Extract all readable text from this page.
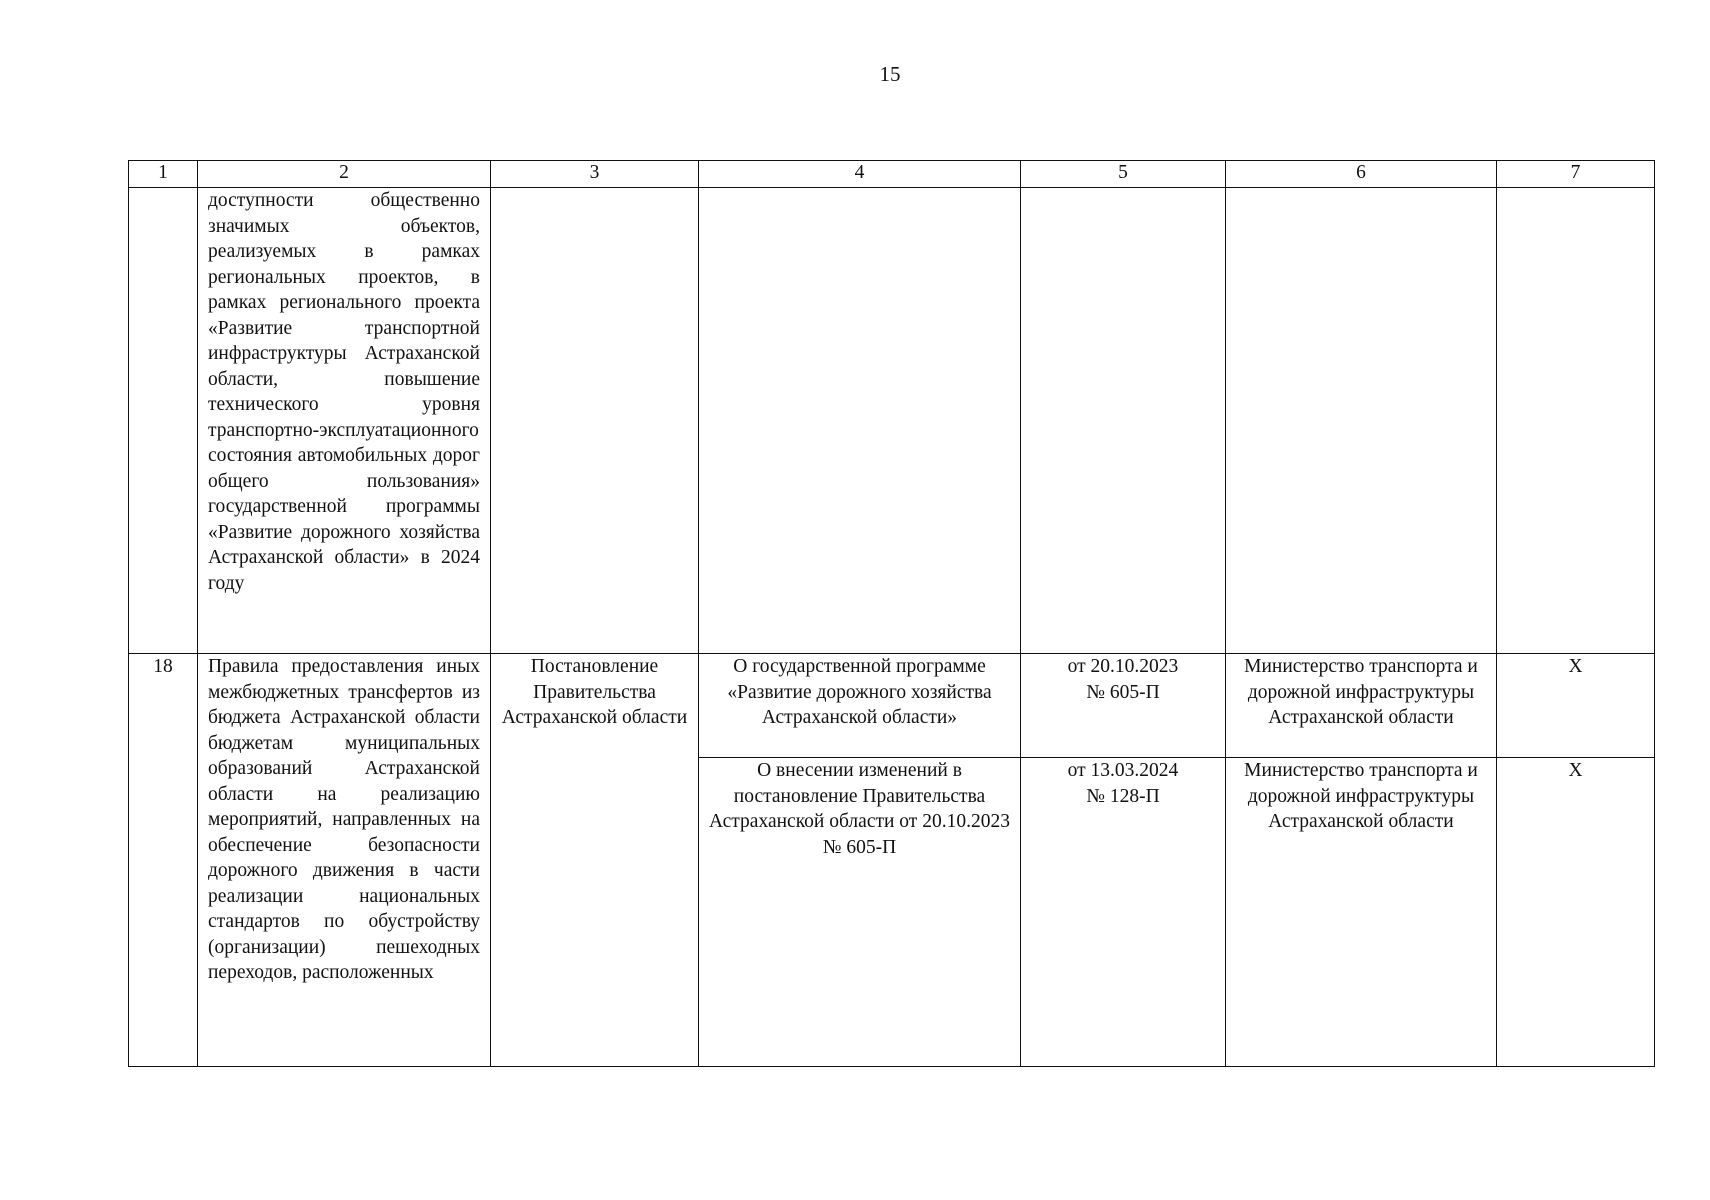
15
1	2	3	4	5	6	7
	доступности общественно значимых объектов, реализуемых в рамках региональных проектов, в рамках регионального проекта «Развитие транспортной инфраструктуры Астраханской области, повышение технического уровня транспортно-эксплуатационного состояния автомобильных дорог общего пользования» государственной программы «Развитие дорожного хозяйства Астраханской области» в 2024 году					
18	Правила предоставления иных межбюджетных трансфертов из бюджета Астраханской области бюджетам муниципальных образований Астраханской области на реализацию мероприятий, направленных на обеспечение безопасности дорожного движения в части реализации национальных стандартов по обустройству (организации) пешеходных переходов, расположенных	Постановление Правительства Астраханской области	О государственной программе «Развитие дорожного хозяйства Астраханской области»	от 20.10.2023
№ 605-П	Министерство транспорта и дорожной инфраструктуры Астраханской области	Х
			О внесении изменений в постановление Правительства Астраханской области от 20.10.2023 № 605-П	от 13.03.2024
№ 128-П	Министерство транспорта и дорожной инфраструктуры Астраханской области	Х
